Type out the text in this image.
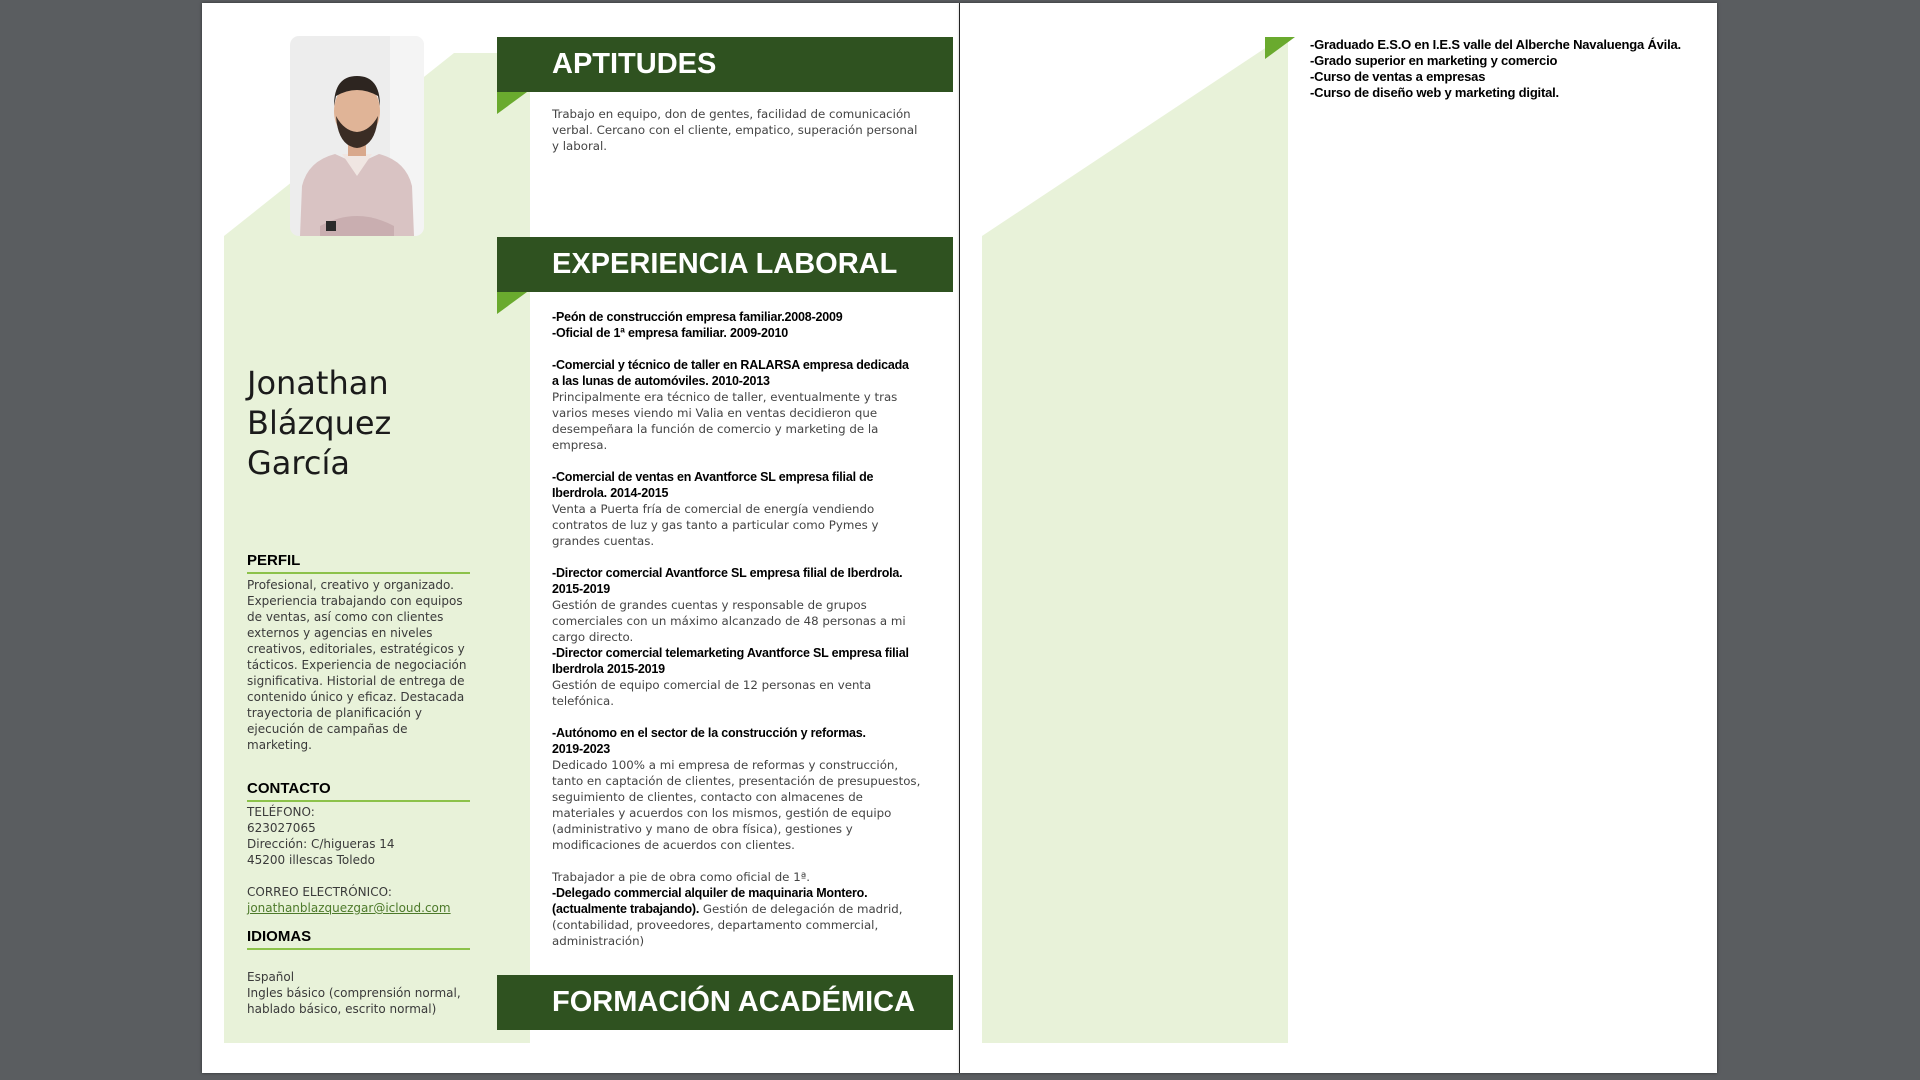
Jonathan
Blázquez
García
PERFIL
Profesional, creativo y organizado.
Experiencia trabajando con equipos
de ventas, así como con clientes
externos y agencias en niveles
creativos, editoriales, estratégicos y
tácticos. Experiencia de negociación
significativa. Historial de entrega de
contenido único y eficaz. Destacada
trayectoria de planificación y
ejecución de campañas de
marketing.
CONTACTO
TELÉFONO:
623027065
Dirección: C/higueras 14
45200 illescas Toledo
CORREO ELECTRÓNICO:
jonathanblazquezgar@icloud.com
IDIOMAS
Español
Ingles básico (comprensión normal,
hablado básico, escrito normal)
APTITUDES
Trabajo en equipo, don de gentes, facilidad de comunicación
verbal. Cercano con el cliente, empatico, superación personal
y laboral.
EXPERIENCIA LABORAL
-Peón de construcción empresa familiar.2008-2009
-Oficial de 1ª empresa familiar. 2009-2010
-Comercial y técnico de taller en RALARSA empresa dedicada
a las lunas de automóviles. 2010-2013
Principalmente era técnico de taller, eventualmente y tras
varios meses viendo mi Valia en ventas decidieron que
desempeñara la función de comercio y marketing de la
empresa.
-Comercial de ventas en Avantforce SL empresa filial de
Iberdrola. 2014-2015
Venta a Puerta fría de comercial de energía vendiendo
contratos de luz y gas tanto a particular como Pymes y
grandes cuentas.
-Director comercial Avantforce SL empresa filial de Iberdrola.
2015-2019
Gestión de grandes cuentas y responsable de grupos
comerciales con un máximo alcanzado de 48 personas a mi
cargo directo.
-Director comercial telemarketing Avantforce SL empresa filial
Iberdrola 2015-2019
Gestión de equipo comercial de 12 personas en venta
telefónica.
-Autónomo en el sector de la construcción y reformas.
2019-2023
Dedicado 100% a mi empresa de reformas y construcción,
tanto en captación de clientes, presentación de presupuestos,
seguimiento de clientes, contacto con almacenes de
materiales y acuerdos con los mismos, gestión de equipo
(administrativo y mano de obra física), gestiones y
modificaciones de acuerdos con clientes.
Trabajador a pie de obra como oficial de 1ª.
-Delegado commercial alquiler de maquinaria Montero.
(actualmente trabajando). Gestión de delegación de madrid,
(contabilidad, proveedores, departamento commercial,
administración)
FORMACIÓN ACADÉMICA
-Graduado E.S.O en I.E.S valle del Alberche Navaluenga Ávila.
-Grado superior en marketing y comercio
-Curso de ventas a empresas
-Curso de diseño web y marketing digital.
